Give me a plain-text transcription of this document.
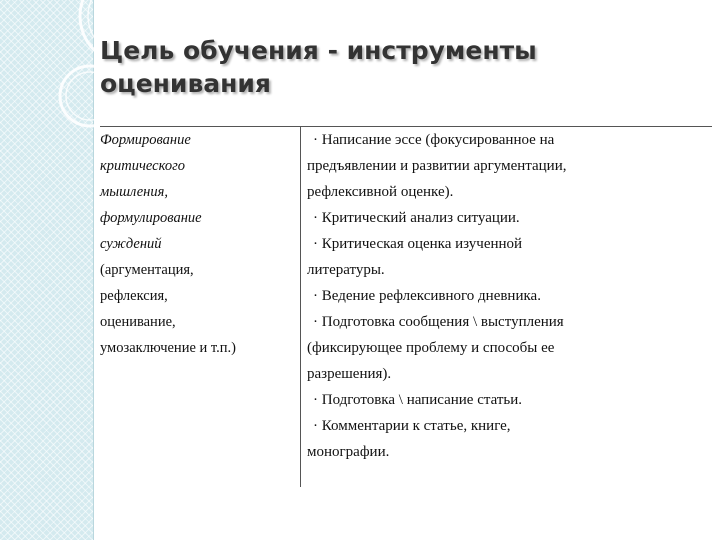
Цель обучения - инструменты
оценивания
Формирование
критического
мышления,
формулирование
суждений
(аргументация,
рефлексия,
оценивание,
умозаключение и т.п.)
· Написание эссе (фокусированное на
предъявлении и развитии аргументации,
рефлексивной оценке).
· Критический анализ ситуации.
· Критическая оценка изученной
литературы.
· Ведение рефлексивного дневника.
· Подготовка сообщения \ выступления
(фиксирующее проблему и способы ее
разрешения).
· Подготовка \ написание статьи.
· Комментарии к статье, книге,
монографии.
